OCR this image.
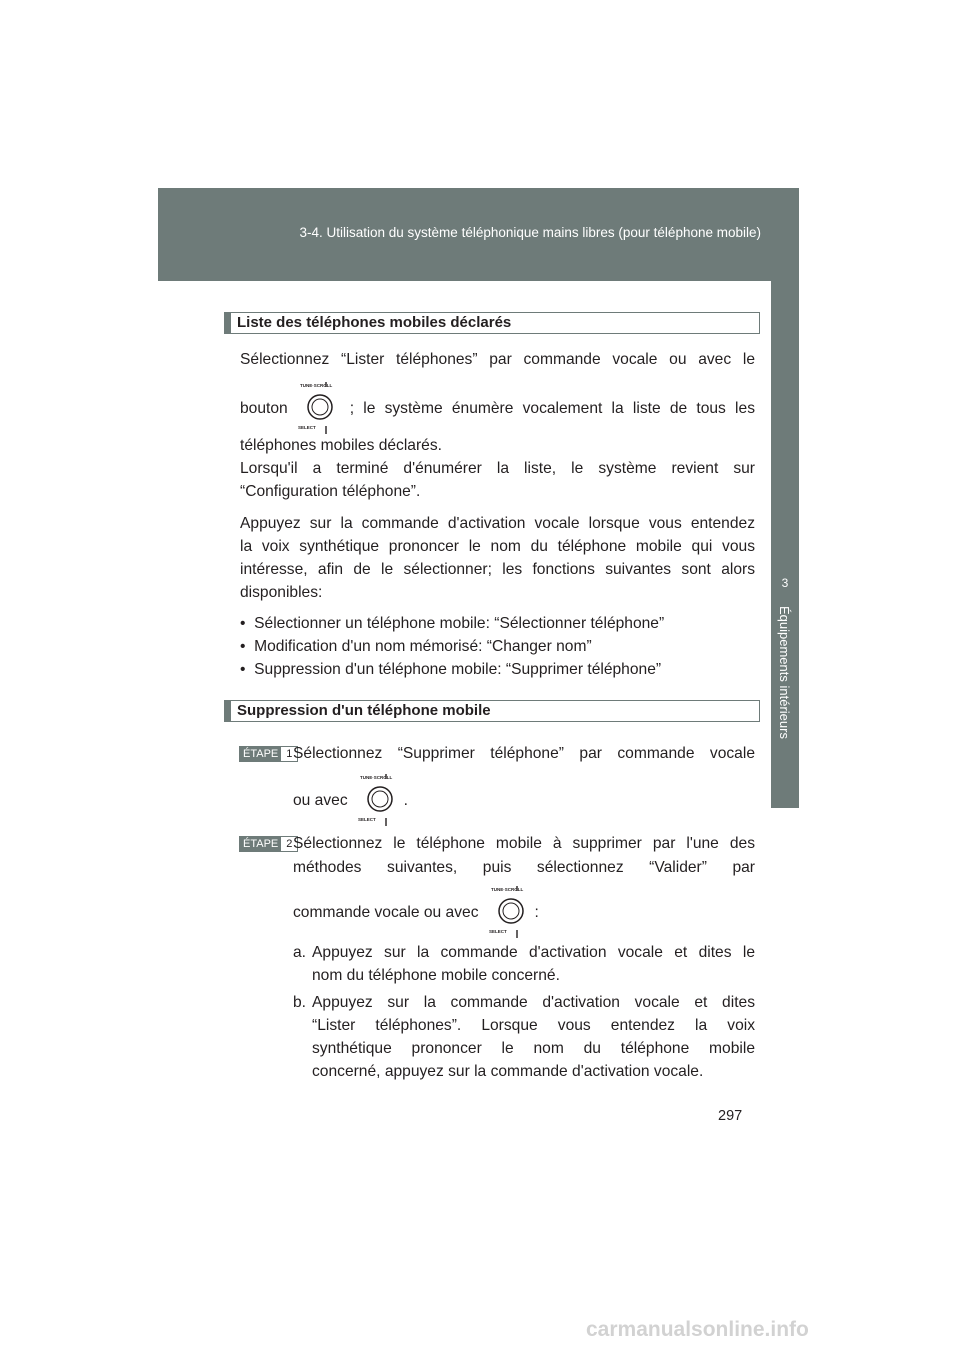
3-4. Utilisation du système téléphonique mains libres (pour téléphone mobile)
3
Équipements intérieurs
Liste des téléphones mobiles déclarés
Sélectionnez “Lister téléphones” par commande vocale ou avec le
bouton
TUNE·SCROLL
SELECT
; le système énumère vocalement la liste de tous les
téléphones mobiles déclarés.
Lorsqu'il a terminé d'énumérer la liste, le système revient sur
“Configuration téléphone”.
Appuyez sur la commande d'activation vocale lorsque vous entendez
la voix synthétique prononcer le nom du téléphone mobile qui vous
intéresse, afin de le sélectionner; les fonctions suivantes sont alors
disponibles:
•  Sélectionner un téléphone mobile: “Sélectionner téléphone”
•  Modification d'un nom mémorisé: “Changer nom”
•  Suppression d'un téléphone mobile: “Supprimer téléphone”
Suppression d'un téléphone mobile
ÉTAPE 1 Sélectionnez “Supprimer téléphone” par commande vocale
ou avec
TUNE·SCROLL
SELECT
.
ÉTAPE 2 Sélectionnez le téléphone mobile à supprimer par l'une des
méthodes suivantes, puis sélectionnez “Valider” par
commande vocale ou avec
TUNE·SCROLL
SELECT
:
a. Appuyez sur la commande d'activation vocale et dites le
nom du téléphone mobile concerné.
b. Appuyez sur la commande d'activation vocale et dites
“Lister téléphones”. Lorsque vous entendez la voix
synthétique prononcer le nom du téléphone mobile
concerné, appuyez sur la commande d'activation vocale.
297
carmanualsonline.info
